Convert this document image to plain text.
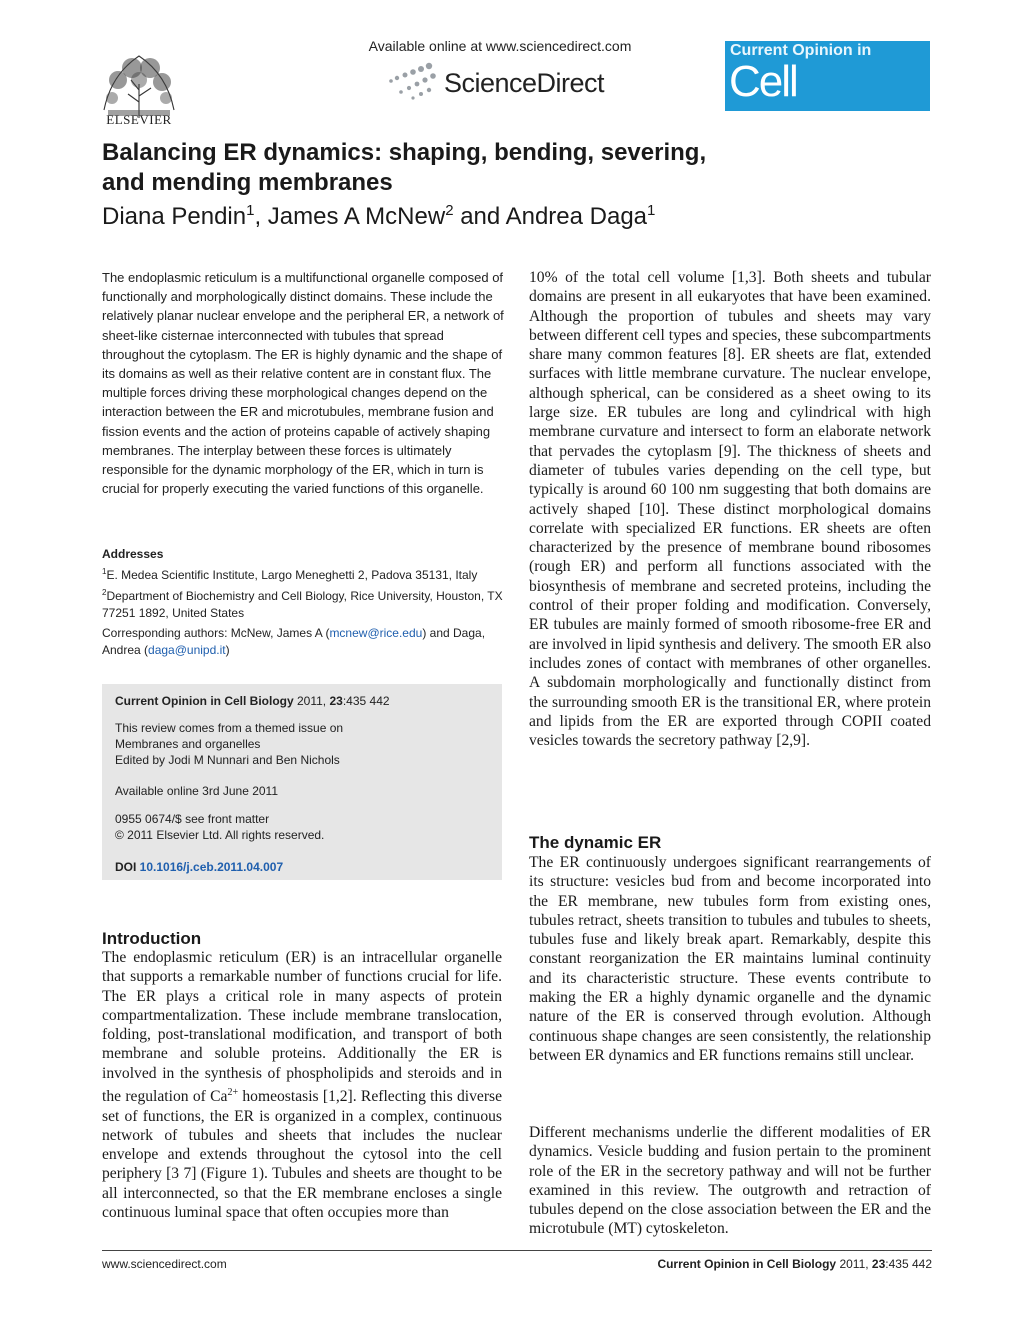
ELSEVIER
Available online at www.sciencedirect.com
ScienceDirect
Current Opinion in
Cell Biology
Balancing ER dynamics: shaping, bending, severing,
and mending membranes
Diana Pendin$^1$, James A McNew$^2$ and Andrea Daga$^1$
The endoplasmic reticulum is a multifunctional organelle composed of functionally and morphologically distinct domains. These include the relatively planar nuclear envelope and the peripheral ER, a network of sheet-like cisternae interconnected with tubules that spread throughout the cytoplasm. The ER is highly dynamic and the shape of its domains as well as their relative content are in constant flux. The multiple forces driving these morphological changes depend on the interaction between the ER and microtubules, membrane fusion and fission events and the action of proteins capable of actively shaping membranes. The interplay between these forces is ultimately responsible for the dynamic morphology of the ER, which in turn is crucial for properly executing the varied functions of this organelle.
Addresses
$^1$E. Medea Scientific Institute, Largo Meneghetti 2, Padova 35131, Italy
$^2$Department of Biochemistry and Cell Biology, Rice University, Houston, TX 77251 1892, United States
Corresponding authors: McNew, James A (mcnew@rice.edu) and Daga, Andrea (daga@unipd.it)
Current Opinion in Cell Biology 2011, 23:435 442
This review comes from a themed issue on
Membranes and organelles
Edited by Jodi M Nunnari and Ben Nichols
Available online 3rd June 2011
0955 0674/$ see front matter
© 2011 Elsevier Ltd. All rights reserved.
DOI 10.1016/j.ceb.2011.04.007
Introduction
The endoplasmic reticulum (ER) is an intracellular organelle that supports a remarkable number of functions crucial for life. The ER plays a critical role in many aspects of protein compartmentalization. These include membrane translocation, folding, post-translational modification, and transport of both membrane and soluble proteins. Additionally the ER is involved in the synthesis of phospholipids and steroids and in the regulation of $Ca^{2+}$ homeostasis [1,2]. Reflecting this diverse set of functions, the ER is organized in a complex, continuous network of tubules and sheets that includes the nuclear envelope and extends throughout the cytosol into the cell periphery [3 7] (Figure 1). Tubules and sheets are thought to be all interconnected, so that the ER membrane encloses a single continuous luminal space that often occupies more than
10% of the total cell volume [1,3]. Both sheets and tubular domains are present in all eukaryotes that have been examined. Although the proportion of tubules and sheets may vary between different cell types and species, these subcompartments share many common features [8]. ER sheets are flat, extended surfaces with little membrane curvature. The nuclear envelope, although spherical, can be considered as a sheet owing to its large size. ER tubules are long and cylindrical with high membrane curvature and intersect to form an elaborate network that pervades the cytoplasm [9]. The thickness of sheets and diameter of tubules varies depending on the cell type, but typically is around 60 100 nm suggesting that both domains are actively shaped [10]. These distinct morphological domains correlate with specialized ER functions. ER sheets are often characterized by the presence of membrane bound ribosomes (rough ER) and perform all functions associated with the biosynthesis of membrane and secreted proteins, including the control of their proper folding and modification. Conversely, ER tubules are mainly formed of smooth ribosome-free ER and are involved in lipid synthesis and delivery. The smooth ER also includes zones of contact with membranes of other organelles. A subdomain morphologically and functionally distinct from the surrounding smooth ER is the transitional ER, where protein and lipids from the ER are exported through COPII coated vesicles towards the secretory pathway [2,9].
The dynamic ER
The ER continuously undergoes significant rearrangements of its structure: vesicles bud from and become incorporated into the ER membrane, new tubules form from existing ones, tubules retract, sheets transition to tubules and tubules to sheets, tubules fuse and likely break apart. Remarkably, despite this constant reorganization the ER maintains luminal continuity and its characteristic structure. These events contribute to making the ER a highly dynamic organelle and the dynamic nature of the ER is conserved through evolution. Although continuous shape changes are seen consistently, the relationship between ER dynamics and ER functions remains still unclear.
Different mechanisms underlie the different modalities of ER dynamics. Vesicle budding and fusion pertain to the prominent role of the ER in the secretory pathway and will not be further examined in this review. The outgrowth and retraction of tubules depend on the close association between the ER and the microtubule (MT) cytoskeleton.
www.sciencedirect.com	Current Opinion in Cell Biology 2011, 23:435 442
